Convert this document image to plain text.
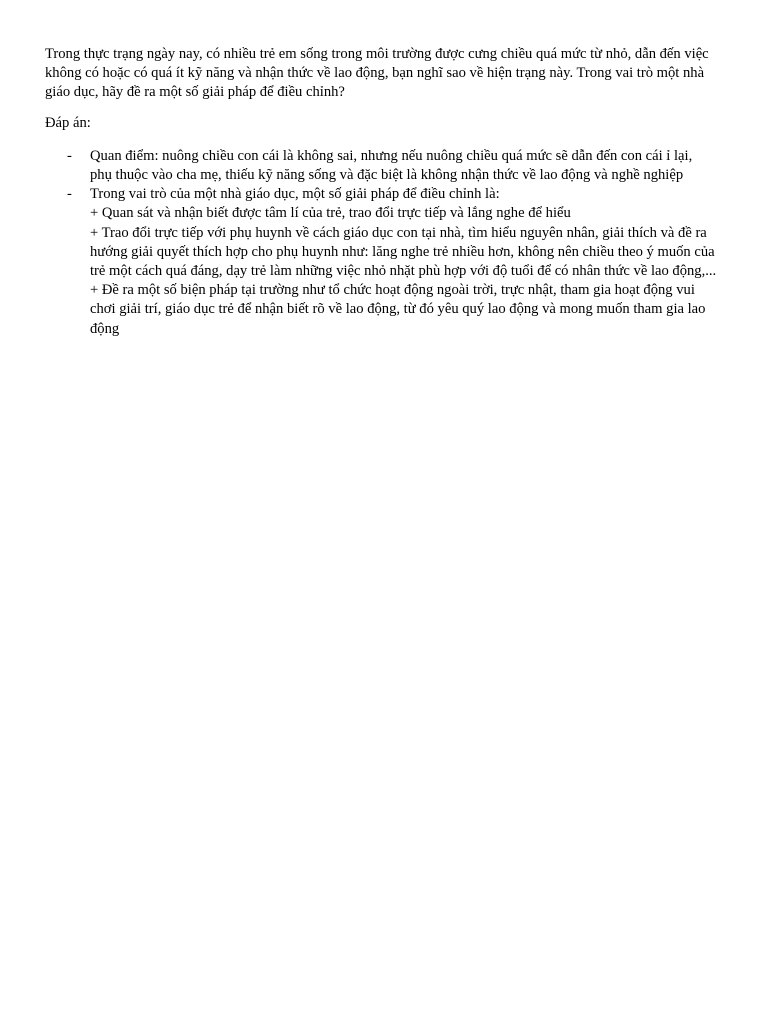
Trong thực trạng ngày nay, có nhiều trẻ em sống trong môi trường được cưng chiều quá mức từ nhỏ, dẫn đến việc không có hoặc có quá ít kỹ năng và nhận thức về lao động, bạn nghĩ sao về hiện trạng này. Trong vai trò một nhà giáo dục, hãy đề ra một số giải pháp để điều chỉnh?

Đáp án:

-	Quan điểm: nuông chiều con cái là không sai, nhưng nếu nuông chiều quá mức sẽ dẫn đến con cái ỉ lại, phụ thuộc vào cha mẹ, thiếu kỹ năng sống và đặc biệt là không nhận thức về lao động và nghề nghiệp

-	Trong vai trò của một nhà giáo dục, một số giải pháp để điều chỉnh là:

+ Quan sát và nhận biết được tâm lí của trẻ, trao đổi trực tiếp và lắng nghe để hiểu

+ Trao đổi trực tiếp với phụ huynh về cách giáo dục con tại nhà, tìm hiểu nguyên nhân, giải thích và đề ra hướng giải quyết thích hợp cho phụ huynh như: lăng nghe trẻ nhiều hơn, không nên chiều theo ý muốn của trẻ một cách quá đáng, dạy trẻ làm những việc nhỏ nhặt phù hợp với độ tuổi để có nhân thức về lao động,...

+ Đề ra một số biện pháp tại trường như tổ chức hoạt động ngoài trời, trực nhật, tham gia hoạt động vui chơi giải trí, giáo dục trẻ để nhận biết rõ về lao động, từ đó yêu quý lao động và mong muốn tham gia lao động
